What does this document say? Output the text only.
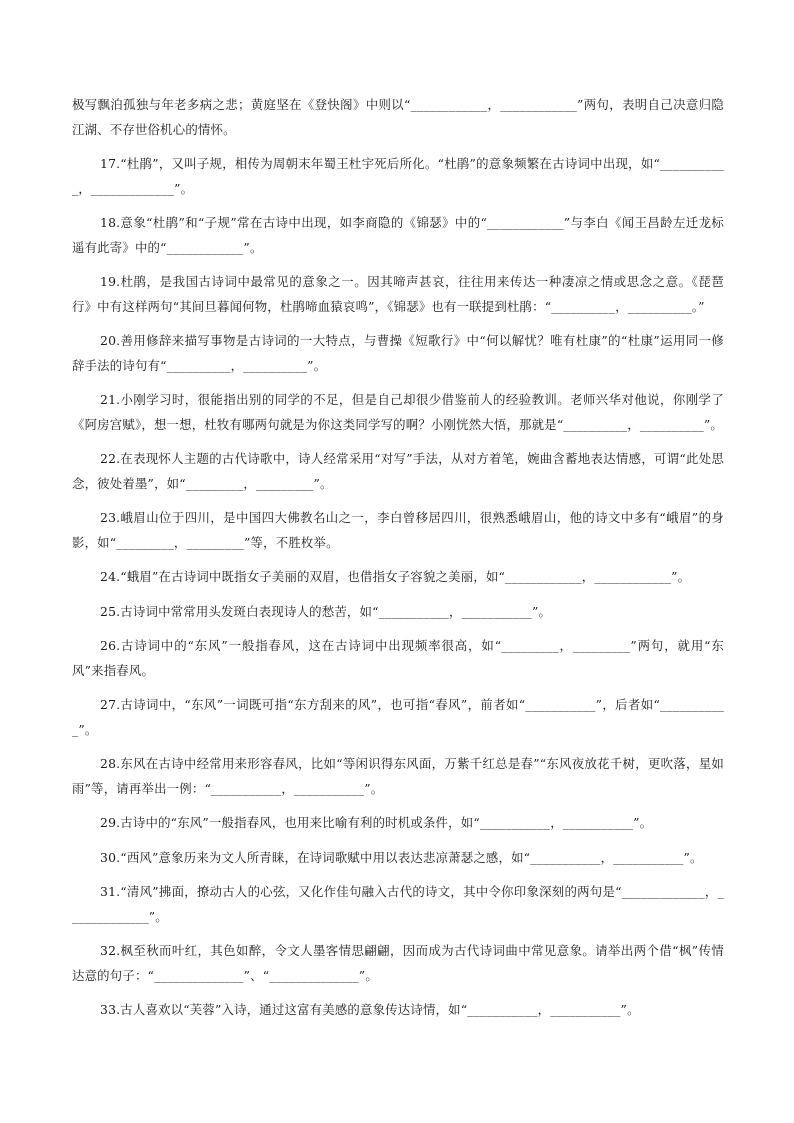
极写飘泊孤独与年老多病之悲；黄庭坚在《登快阁》中则以“____________，____________”两句，表明自己决意归隐江湖、不存世俗机心的情怀。

17.“杜鹃”，又叫子规，相传为周朝末年蜀王杜宇死后所化。“杜鹃”的意象频繁在古诗词中出现，如“___________，_____________”。

18.意象“杜鹃”和“子规”常在古诗中出现，如李商隐的《锦瑟》中的“____________”与李白《闻王昌龄左迁龙标遥有此寄》中的“____________”。

19.杜鹃，是我国古诗词中最常见的意象之一。因其啼声甚哀，往往用来传达一种凄凉之情或思念之意。《琵琶行》中有这样两句“其间旦暮闻何物，杜鹃啼血猿哀鸣”，《锦瑟》也有一联提到杜鹃：“__________，__________。”

20.善用修辞来描写事物是古诗词的一大特点，与曹操《短歌行》中“何以解忧？唯有杜康”的“杜康”运用同一修辞手法的诗句有“__________，__________”。

21.小刚学习时，很能指出别的同学的不足，但是自己却很少借鉴前人的经验教训。老师兴华对他说，你刚学了《阿房宫赋》，想一想，杜牧有哪两句就是为你这类同学写的啊？小刚恍然大悟，那就是“__________，__________”。

22.在表现怀人主题的古代诗歌中，诗人经常采用“对写”手法，从对方着笔，婉曲含蓄地表达情感，可谓“此处思念，彼处着墨”，如“_________，_________”。

23.峨眉山位于四川，是中国四大佛教名山之一，李白曾移居四川，很熟悉峨眉山，他的诗文中多有“峨眉”的身影，如“_________，_________”等，不胜枚举。

24.“蛾眉”在古诗词中既指女子美丽的双眉，也借指女子容貌之美丽，如“____________，____________”。

25.古诗词中常常用头发斑白表现诗人的愁苦，如“___________，___________”。

26.古诗词中的“东风”一般指春风，这在古诗词中出现频率很高，如“_________，_________”两句，就用“东风”来指春风。

27.古诗词中，“东风”一词既可指“东方刮来的风”，也可指“春风”，前者如“___________”，后者如“___________”。

28.东风在古诗中经常用来形容春风，比如“等闲识得东风面，万紫千红总是春”“东风夜放花千树，更吹落，星如雨”等，请再举出一例：“___________，___________”。

29.古诗中的“东风”一般指春风，也用来比喻有利的时机或条件，如“___________，___________”。

30.“西风”意象历来为文人所青睐，在诗词歌赋中用以表达悲凉萧瑟之感，如“___________，___________”。

31.“清风”拂面，撩动古人的心弦，又化作佳句融入古代的诗文，其中令你印象深刻的两句是“_____________，_____________”。

32.枫至秋而叶红，其色如醉，令文人墨客情思翩翩，因而成为古代诗词曲中常见意象。请举出两个借“枫”传情达意的句子：“______________”、“______________”。

33.古人喜欢以“芙蓉”入诗，通过这富有美感的意象传达诗情，如“___________，___________”。
